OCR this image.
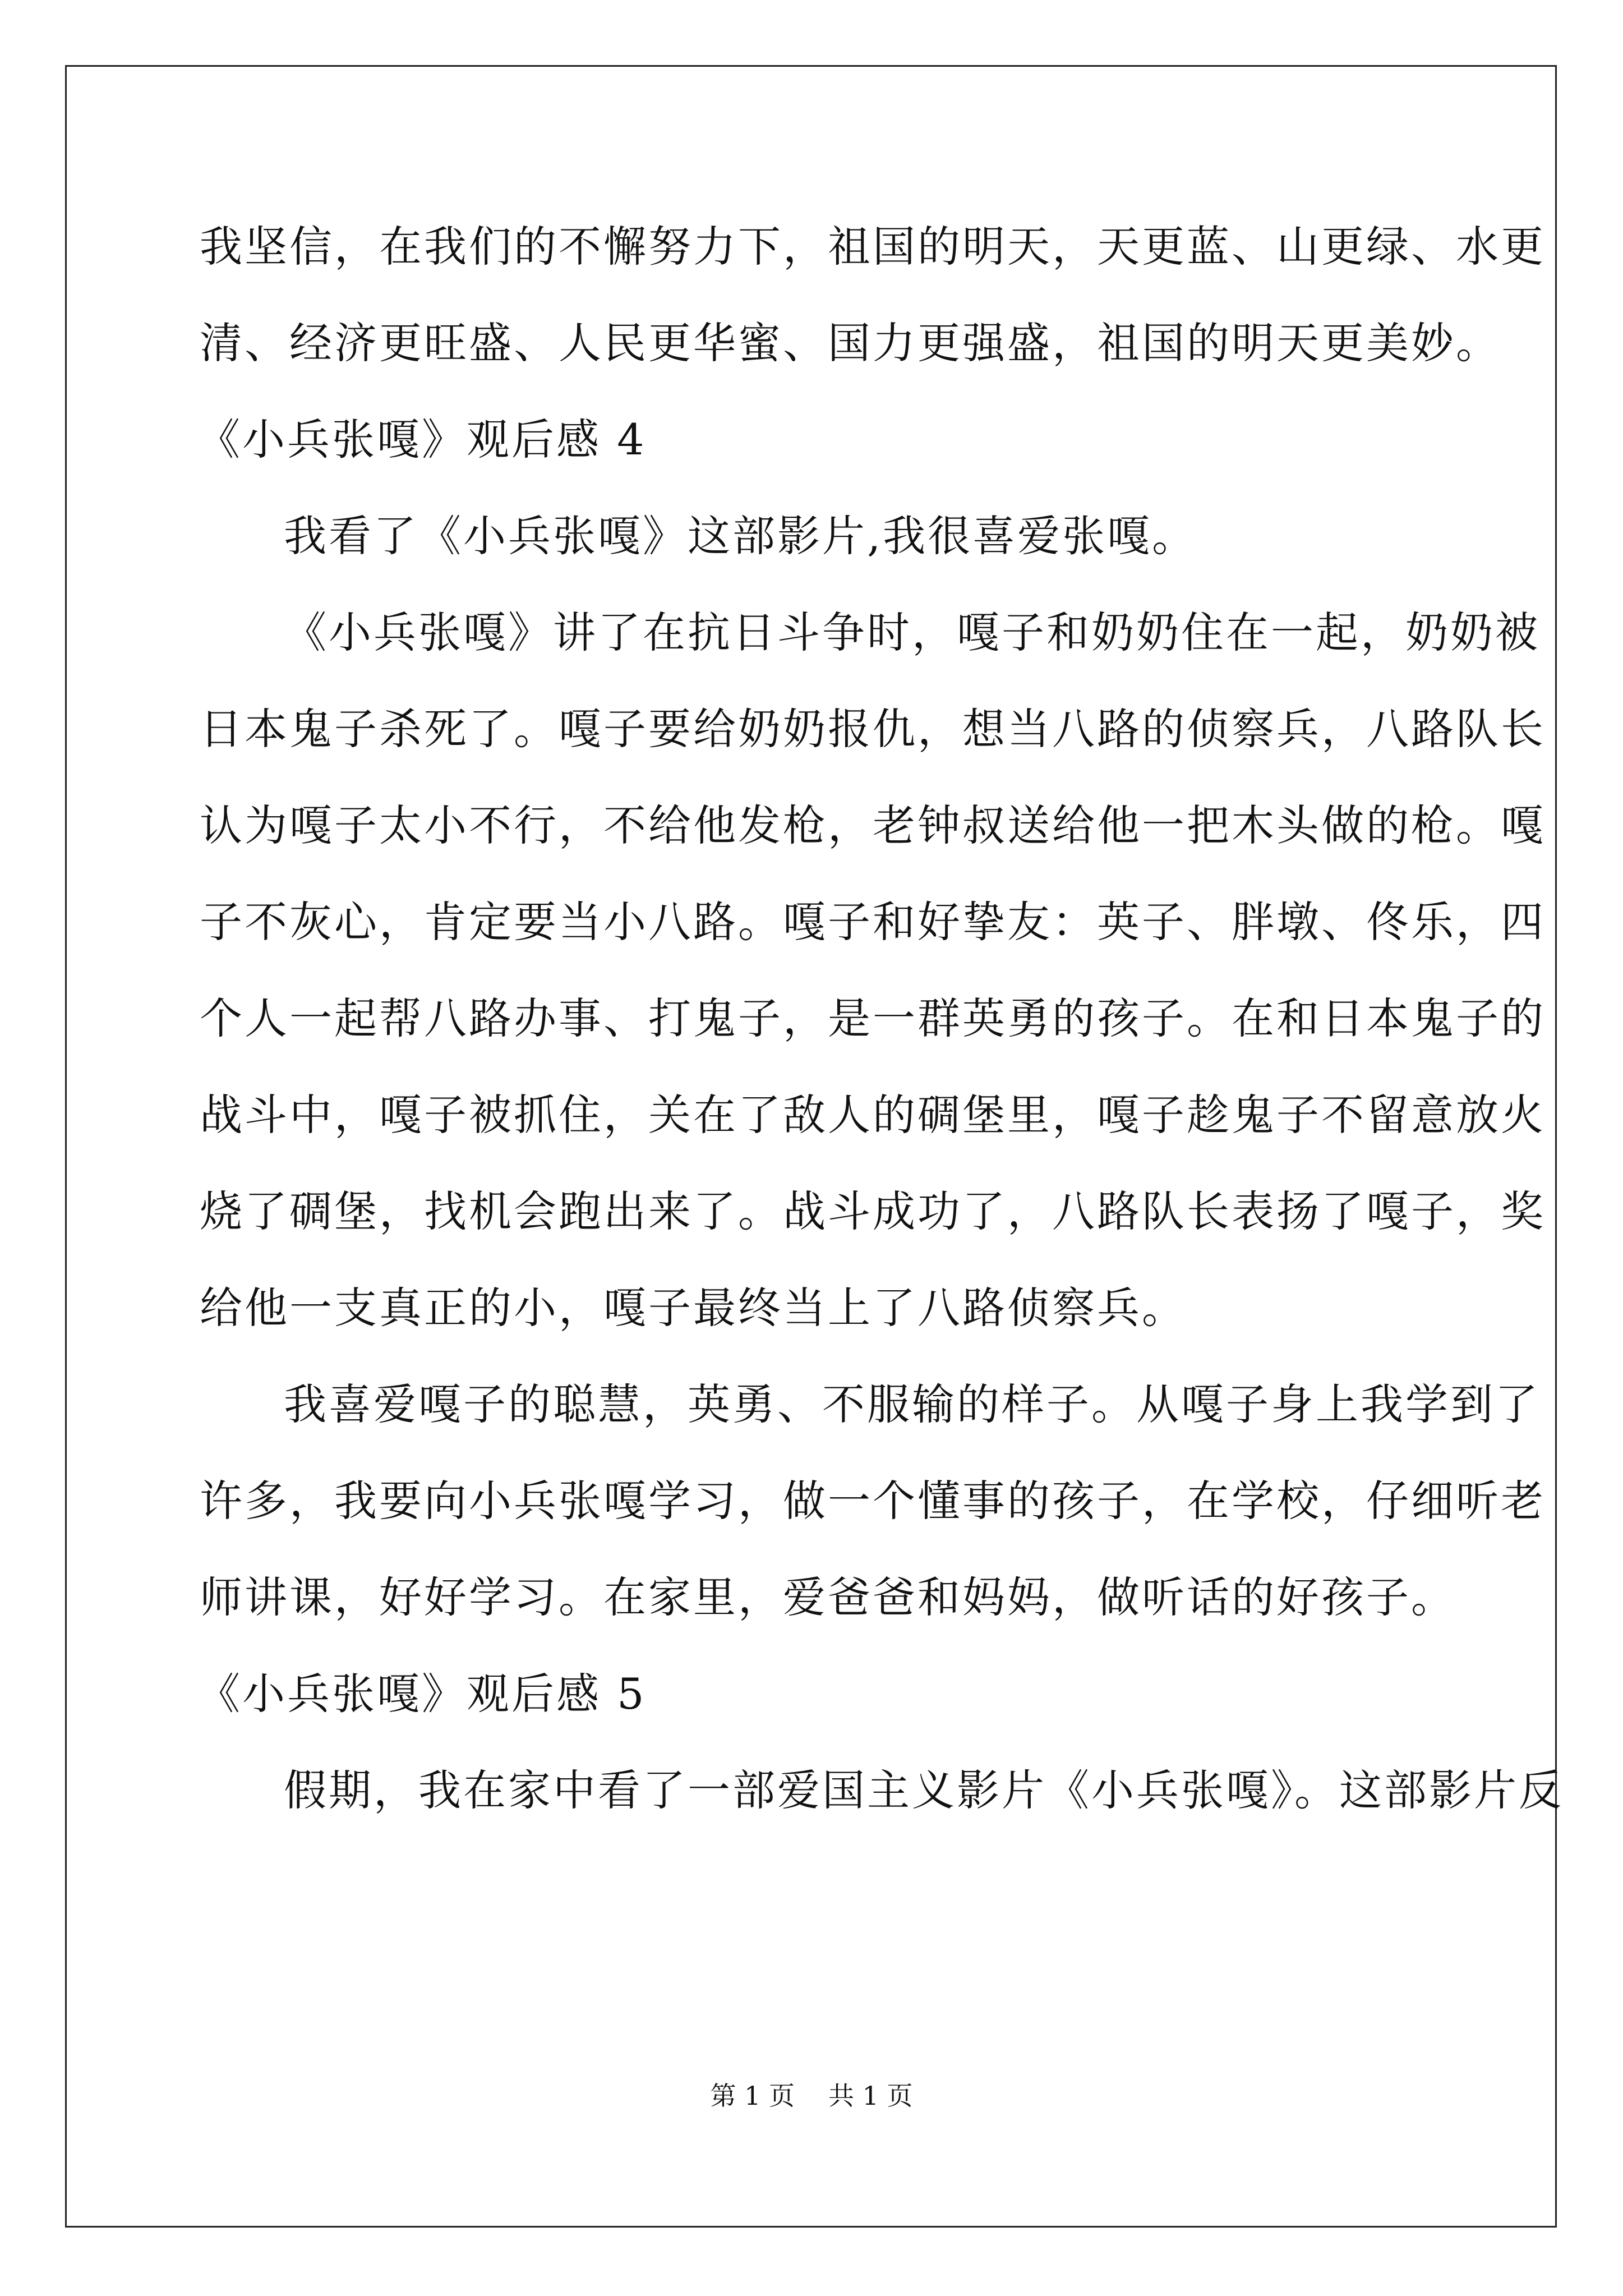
我坚信，在我们的不懈努力下，祖国的明天，天更蓝、山更绿、水更
清、经济更旺盛、人民更华蜜、国力更强盛，祖国的明天更美妙。
《小兵张嘎》观后感 4
我看了《小兵张嘎》这部影片,我很喜爱张嘎。
《小兵张嘎》讲了在抗日斗争时，嘎子和奶奶住在一起，奶奶被
日本鬼子杀死了。嘎子要给奶奶报仇，想当八路的侦察兵，八路队长
认为嘎子太小不行，不给他发枪，老钟叔送给他一把木头做的枪。嘎
子不灰心，肯定要当小八路。嘎子和好挚友：英子、胖墩、佟乐，四
个人一起帮八路办事、打鬼子，是一群英勇的孩子。在和日本鬼子的
战斗中，嘎子被抓住，关在了敌人的碉堡里，嘎子趁鬼子不留意放火
烧了碉堡，找机会跑出来了。战斗成功了，八路队长表扬了嘎子，奖
给他一支真正的小，嘎子最终当上了八路侦察兵。
我喜爱嘎子的聪慧，英勇、不服输的样子。从嘎子身上我学到了
许多，我要向小兵张嘎学习，做一个懂事的孩子，在学校，仔细听老
师讲课，好好学习。在家里，爱爸爸和妈妈，做听话的好孩子。
《小兵张嘎》观后感 5
假期，我在家中看了一部爱国主义影片《小兵张嘎》。这部影片反
第 1 页 共 1 页
